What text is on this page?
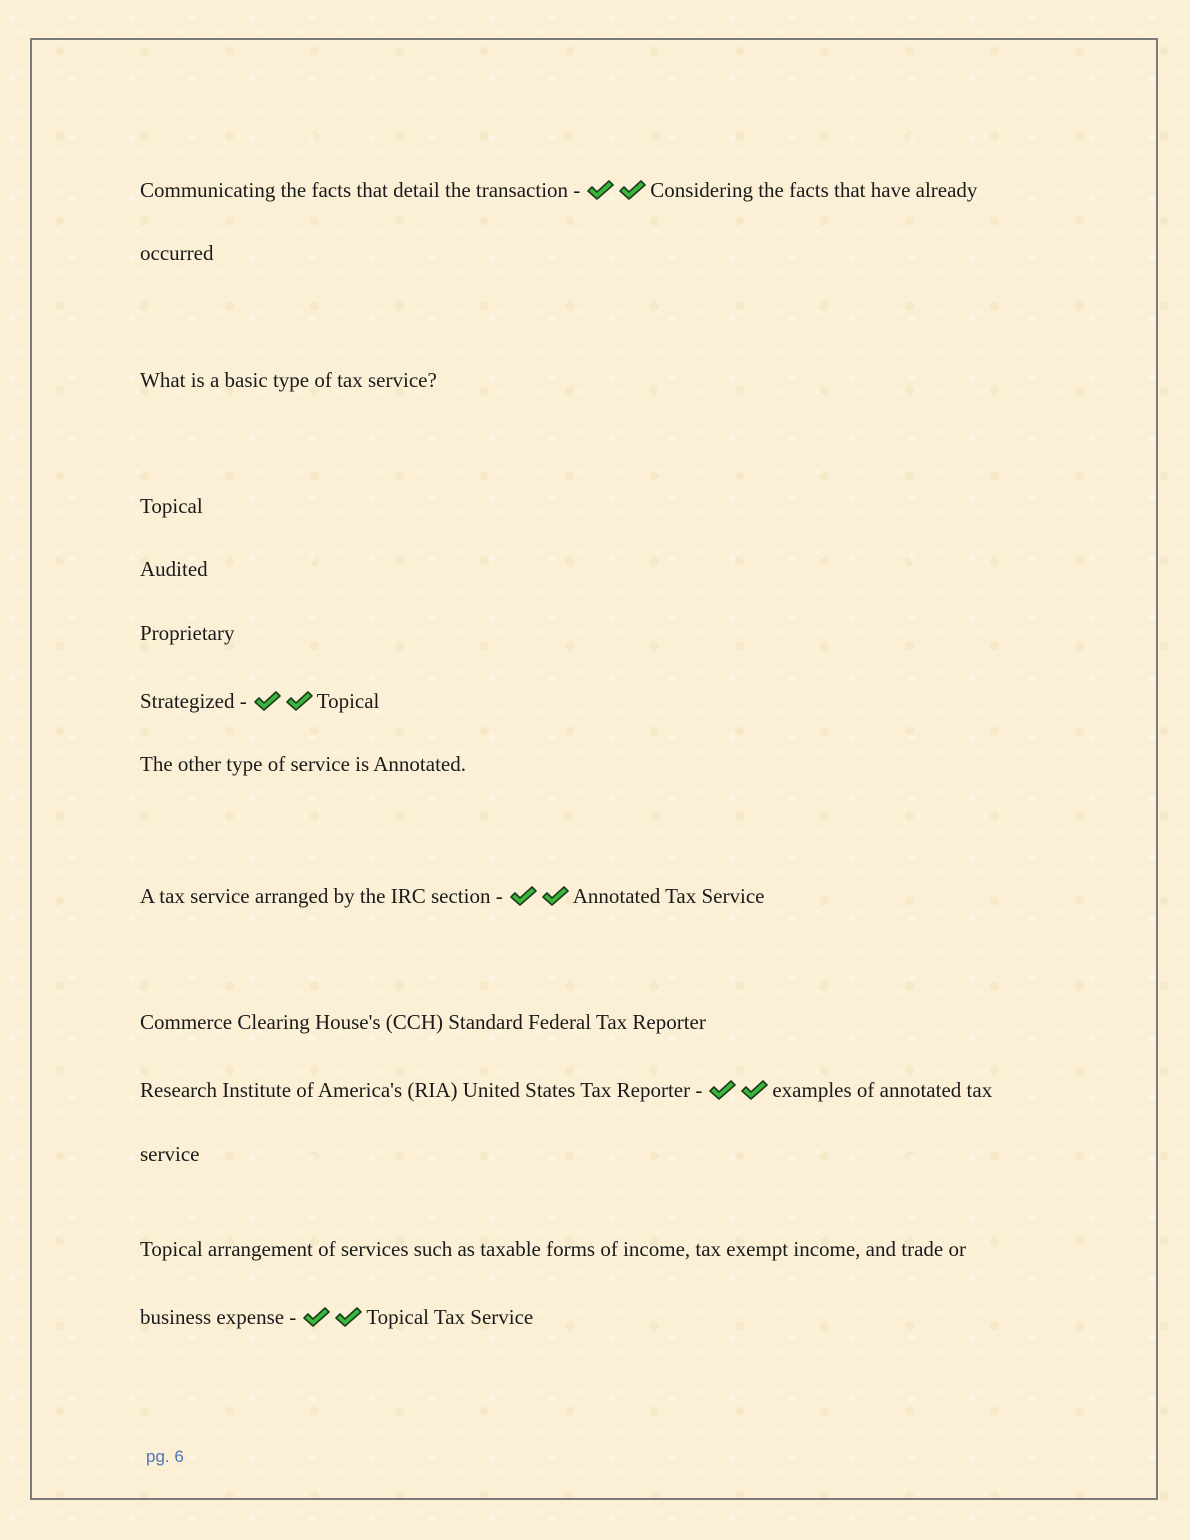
Communicating the facts that detail the transaction -	Considering the facts that have already
occurred
What is a basic type of tax service?
Topical
Audited
Proprietary
Strategized -	Topical
The other type of service is Annotated.
A tax service arranged by the IRC section -	Annotated Tax Service
Commerce Clearing House's (CCH) Standard Federal Tax Reporter
Research Institute of America's (RIA) United States Tax Reporter -	examples of annotated tax
service
Topical arrangement of services such as taxable forms of income, tax exempt income, and trade or
business expense -	Topical Tax Service
pg. 6
